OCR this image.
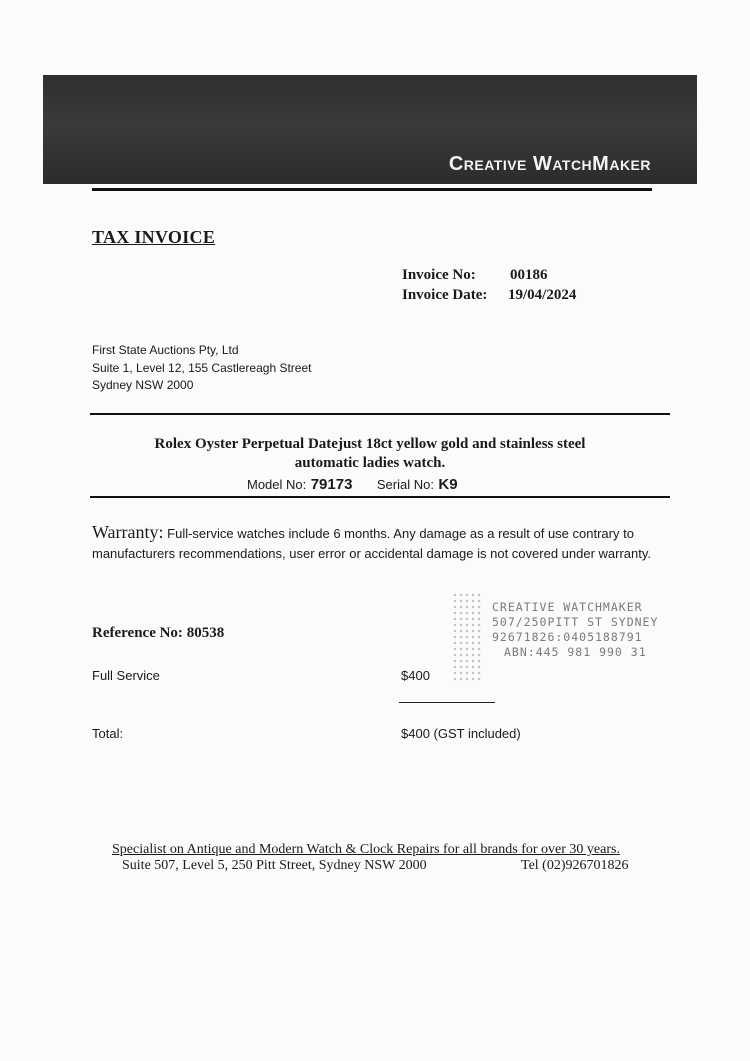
Creative WatchMaker
TAX INVOICE
Invoice No: 00186
Invoice Date: 19/04/2024
First State Auctions Pty, Ltd
Suite 1, Level 12, 155 Castlereagh Street
Sydney NSW 2000
Rolex Oyster Perpetual Datejust 18ct yellow gold and stainless steel
automatic ladies watch.
Model No: 79173 Serial No: K9
Warranty: Full-service watches include 6 months. Any damage as a result of use contrary to manufacturers recommendations, user error or accidental damage is not covered under warranty.
Reference No: 80538
CREATIVE WATCHMAKER
507/250PITT ST SYDNEY
92671826:0405188791
ABN:445 981 990 31
Full Service	$400
Total:	$400 (GST included)
Specialist on Antique and Modern Watch & Clock Repairs for all brands for over 30 years.
Suite 507, Level 5, 250 Pitt Street, Sydney NSW 2000	Tel (02)926701826
